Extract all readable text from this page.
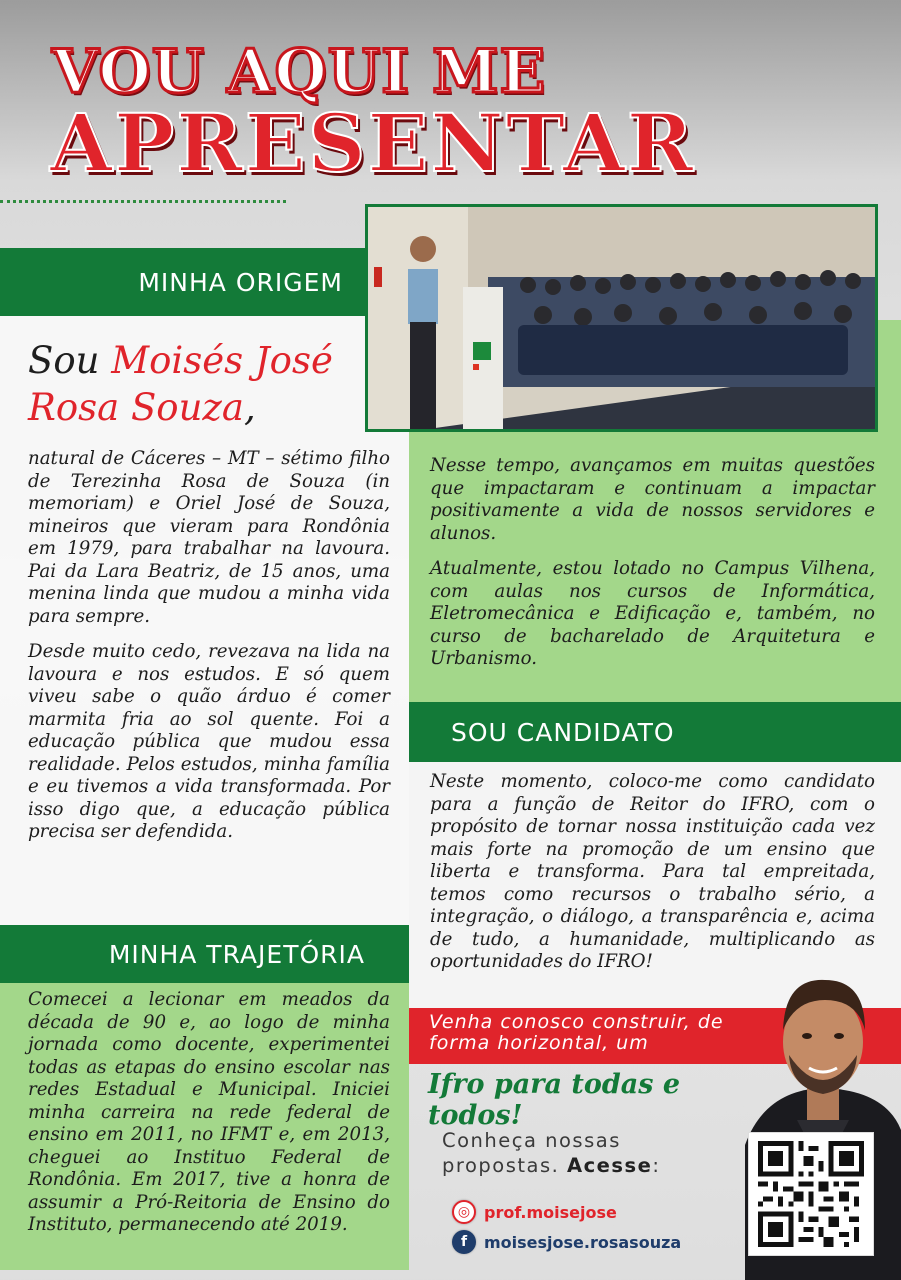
VOU AQUI ME
APRESENTAR
MINHA ORIGEM
SOU CANDIDATO
MINHA TRAJETÓRIA
Sou Moisés José Rosa Souza,

natural de Cáceres – MT – sétimo filho de Terezinha Rosa de Souza (in memoriam) e Oriel José de Souza, mineiros que vieram para Rondônia em 1979, para trabalhar na lavoura. Pai da Lara Beatriz, de 15 anos, uma menina linda que mudou a minha vida para sempre.

Desde muito cedo, revezava na lida na lavoura e nos estudos. E só quem viveu sabe o quão árduo é comer marmita fria ao sol quente. Foi a educação pública que mudou essa realidade. Pelos estudos, minha família e eu tivemos a vida transformada. Por isso digo que, a educação pública precisa ser defendida.

Nesse tempo, avançamos em muitas questões que impactaram e continuam a impactar positivamente a vida de nossos servidores e alunos.

Atualmente, estou lotado no Campus Vilhena, com aulas nos cursos de Informática, Eletromecânica e Edificação e, também, no curso de bacharelado de Arquitetura e Urbanismo.

Neste momento, coloco-me como candidato para a função de Reitor do IFRO, com o propósito de tornar nossa instituição cada vez mais forte na promoção de um ensino que liberta e transforma. Para tal empreitada, temos como recursos o trabalho sério, a integração, o diálogo, a transparência e, acima de tudo, a humanidade, multiplicando as oportunidades do IFRO!

Comecei a lecionar em meados da década de 90 e, ao logo de minha jornada como docente, experimentei todas as etapas do ensino escolar nas redes Estadual e Municipal. Iniciei minha carreira na rede federal de ensino em 2011, no IFMT e, em 2013, cheguei ao Instituo Federal de Rondônia. Em 2017, tive a honra de assumir a Pró-Reitoria de Ensino do Instituto, permanecendo até 2019.

Venha conosco construir, de
forma horizontal, um
Ifro para todas e todos!
Conheça nossas
propostas. Acesse:
◎ prof.moisejose
f	moisesjose.rosasouza
